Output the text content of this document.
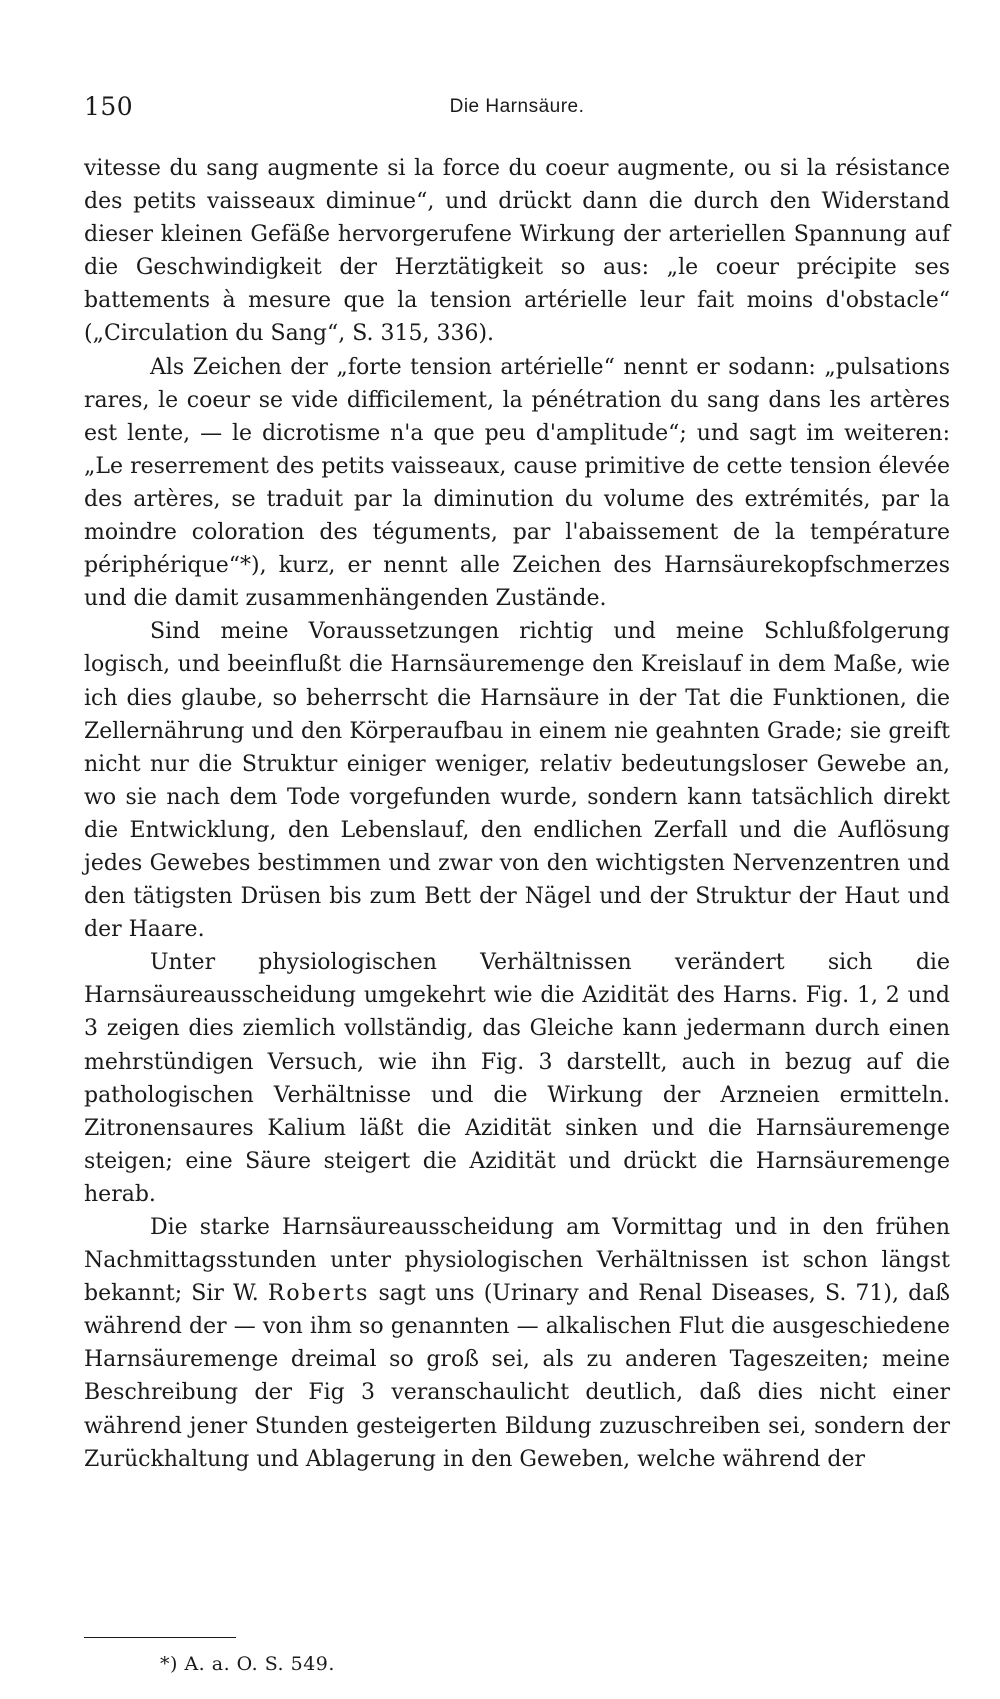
150	Die Harnsäure.

vitesse du sang augmente si la force du coeur augmente, ou si la résistance des petits vaisseaux diminue“, und drückt dann die durch den Widerstand dieser kleinen Gefäße hervorgerufene Wirkung der arteriellen Spannung auf die Geschwindigkeit der Herztätigkeit so aus: „le coeur précipite ses battements à mesure que la tension artérielle leur fait moins d'obstacle“ („Circulation du Sang“, S. 315, 336).

Als Zeichen der „forte tension artérielle“ nennt er sodann: „pulsations rares, le coeur se vide difficilement, la pénétration du sang dans les artères est lente, — le dicrotisme n'a que peu d'amplitude“; und sagt im weiteren: „Le reserrement des petits vaisseaux, cause primitive de cette tension élevée des artères, se traduit par la diminution du volume des extrémités, par la moindre coloration des téguments, par l'abaissement de la température périphérique“*), kurz, er nennt alle Zeichen des Harnsäurekopfschmerzes und die damit zusammenhängenden Zustände.

Sind meine Voraussetzungen richtig und meine Schlußfolgerung logisch, und beeinflußt die Harnsäuremenge den Kreislauf in dem Maße, wie ich dies glaube, so beherrscht die Harnsäure in der Tat die Funktionen, die Zellernährung und den Körperaufbau in einem nie geahnten Grade; sie greift nicht nur die Struktur einiger weniger, relativ bedeutungsloser Gewebe an, wo sie nach dem Tode vorgefunden wurde, sondern kann tatsächlich direkt die Entwicklung, den Lebenslauf, den endlichen Zerfall und die Auflösung jedes Gewebes bestimmen und zwar von den wichtigsten Nervenzentren und den tätigsten Drüsen bis zum Bett der Nägel und der Struktur der Haut und der Haare.

Unter physiologischen Verhältnissen verändert sich die Harnsäureausscheidung umgekehrt wie die Azidität des Harns. Fig. 1, 2 und 3 zeigen dies ziemlich vollständig, das Gleiche kann jedermann durch einen mehrstündigen Versuch, wie ihn Fig. 3 darstellt, auch in bezug auf die pathologischen Verhältnisse und die Wirkung der Arzneien ermitteln. Zitronensaures Kalium läßt die Azidität sinken und die Harnsäuremenge steigen; eine Säure steigert die Azidität und drückt die Harnsäuremenge herab.

Die starke Harnsäureausscheidung am Vormittag und in den frühen Nachmittagsstunden unter physiologischen Verhältnissen ist schon längst bekannt; Sir W. Roberts sagt uns (Urinary and Renal Diseases, S. 71), daß während der — von ihm so genannten — alkalischen Flut die ausgeschiedene Harnsäuremenge dreimal so groß sei, als zu anderen Tageszeiten; meine Beschreibung der Fig 3 veranschaulicht deutlich, daß dies nicht einer während jener Stunden gesteigerten Bildung zuzuschreiben sei, sondern der Zurückhaltung und Ablagerung in den Geweben, welche während der

*) A. a. O. S. 549.
